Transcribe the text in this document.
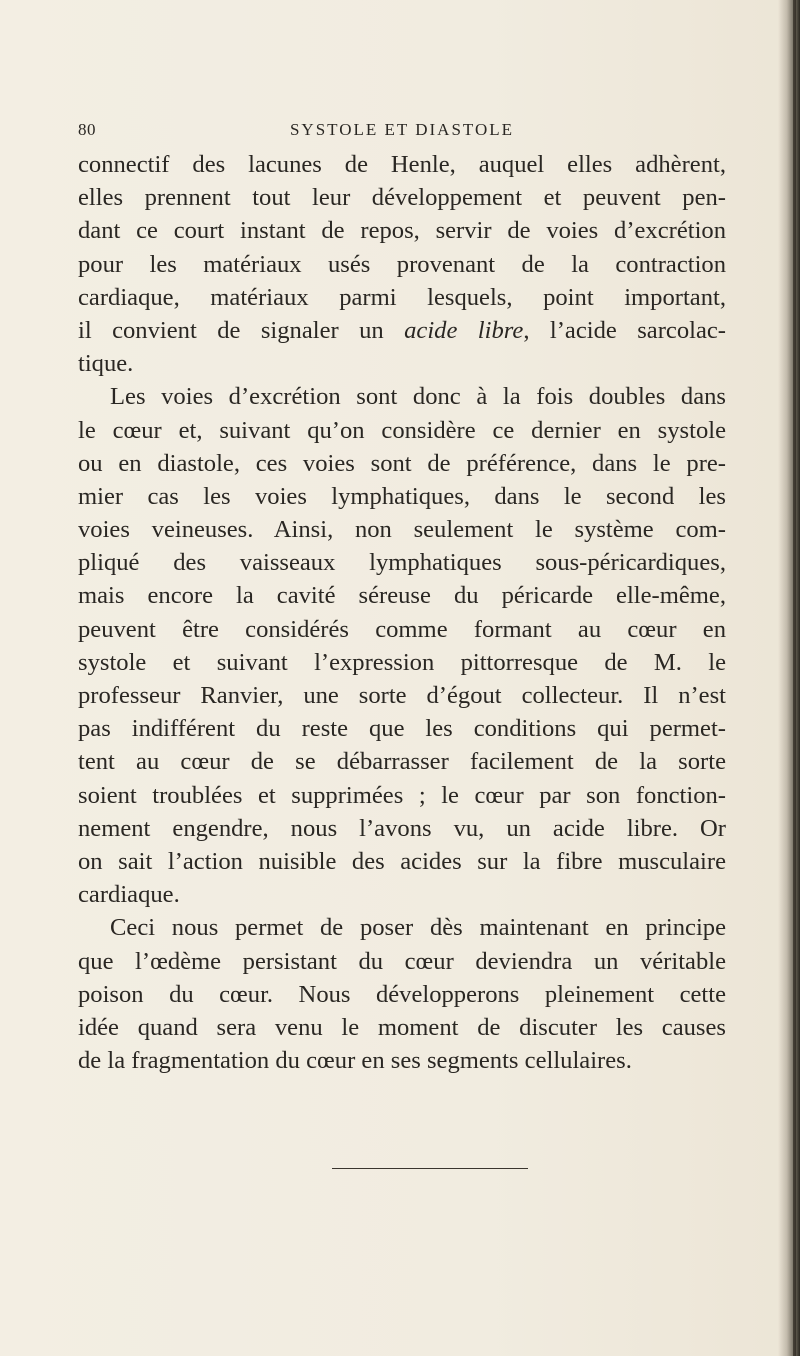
80	SYSTOLE ET DIASTOLE
connectif des lacunes de Henle, auquel elles adhèrent,
elles prennent tout leur développement et peuvent pen-
dant ce court instant de repos, servir de voies d’excrétion
pour les matériaux usés provenant de la contraction
cardiaque, matériaux parmi lesquels, point important,
il convient de signaler un acide libre, l’acide sarcolac-
tique.
Les voies d’excrétion sont donc à la fois doubles dans
le cœur et, suivant qu’on considère ce dernier en systole
ou en diastole, ces voies sont de préférence, dans le pre-
mier cas les voies lymphatiques, dans le second les
voies veineuses. Ainsi, non seulement le système com-
pliqué des vaisseaux lymphatiques sous-péricardiques,
mais encore la cavité séreuse du péricarde elle-même,
peuvent être considérés comme formant au cœur en
systole et suivant l’expression pittorresque de M. le
professeur Ranvier, une sorte d’égout collecteur. Il n’est
pas indifférent du reste que les conditions qui permet-
tent au cœur de se débarrasser facilement de la sorte
soient troublées et supprimées ; le cœur par son fonction-
nement engendre, nous l’avons vu, un acide libre. Or
on sait l’action nuisible des acides sur la fibre musculaire
cardiaque.
Ceci nous permet de poser dès maintenant en principe
que l’œdème persistant du cœur deviendra un véritable
poison du cœur. Nous développerons pleinement cette
idée quand sera venu le moment de discuter les causes
de la fragmentation du cœur en ses segments cellulaires.
